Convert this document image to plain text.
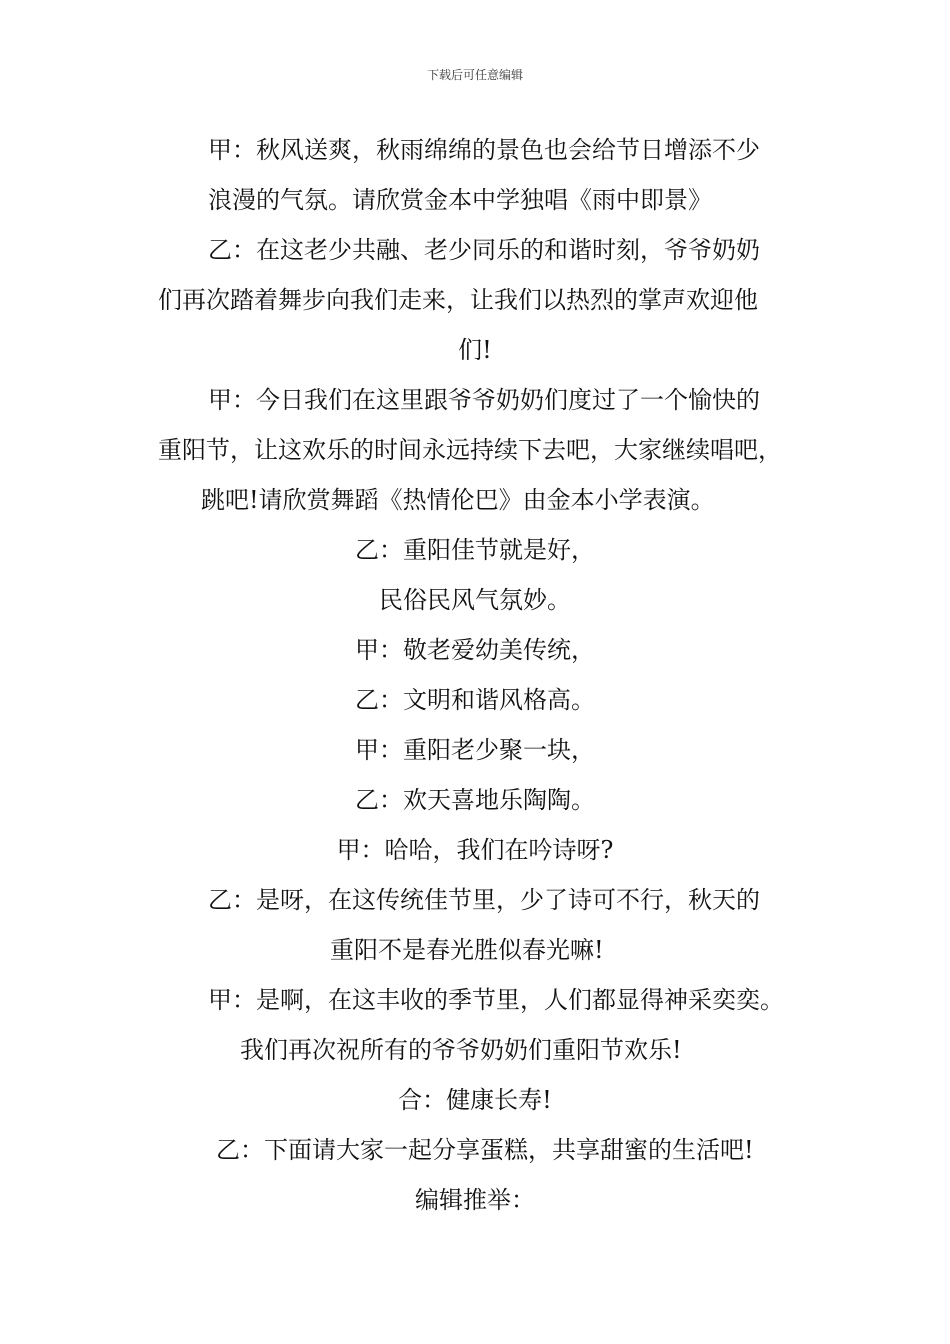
下载后可任意编辑
甲：秋风送爽，秋雨绵绵的景色也会给节日增添不少
浪漫的气氛。请欣赏金本中学独唱《雨中即景》
乙：在这老少共融、老少同乐的和谐时刻，爷爷奶奶
们再次踏着舞步向我们走来，让我们以热烈的掌声欢迎他
们!
甲：今日我们在这里跟爷爷奶奶们度过了一个愉快的
重阳节，让这欢乐的时间永远持续下去吧，大家继续唱吧，
跳吧!请欣赏舞蹈《热情伦巴》由金本小学表演。
乙：重阳佳节就是好，
民俗民风气氛妙。
甲：敬老爱幼美传统，
乙：文明和谐风格高。
甲：重阳老少聚一块，
乙：欢天喜地乐陶陶。
甲：哈哈，我们在吟诗呀?
乙：是呀，在这传统佳节里，少了诗可不行，秋天的
重阳不是春光胜似春光嘛!
甲：是啊，在这丰收的季节里，人们都显得神采奕奕。
我们再次祝所有的爷爷奶奶们重阳节欢乐!
合：健康长寿!
乙：下面请大家一起分享蛋糕，共享甜蜜的生活吧!
编辑推举：
